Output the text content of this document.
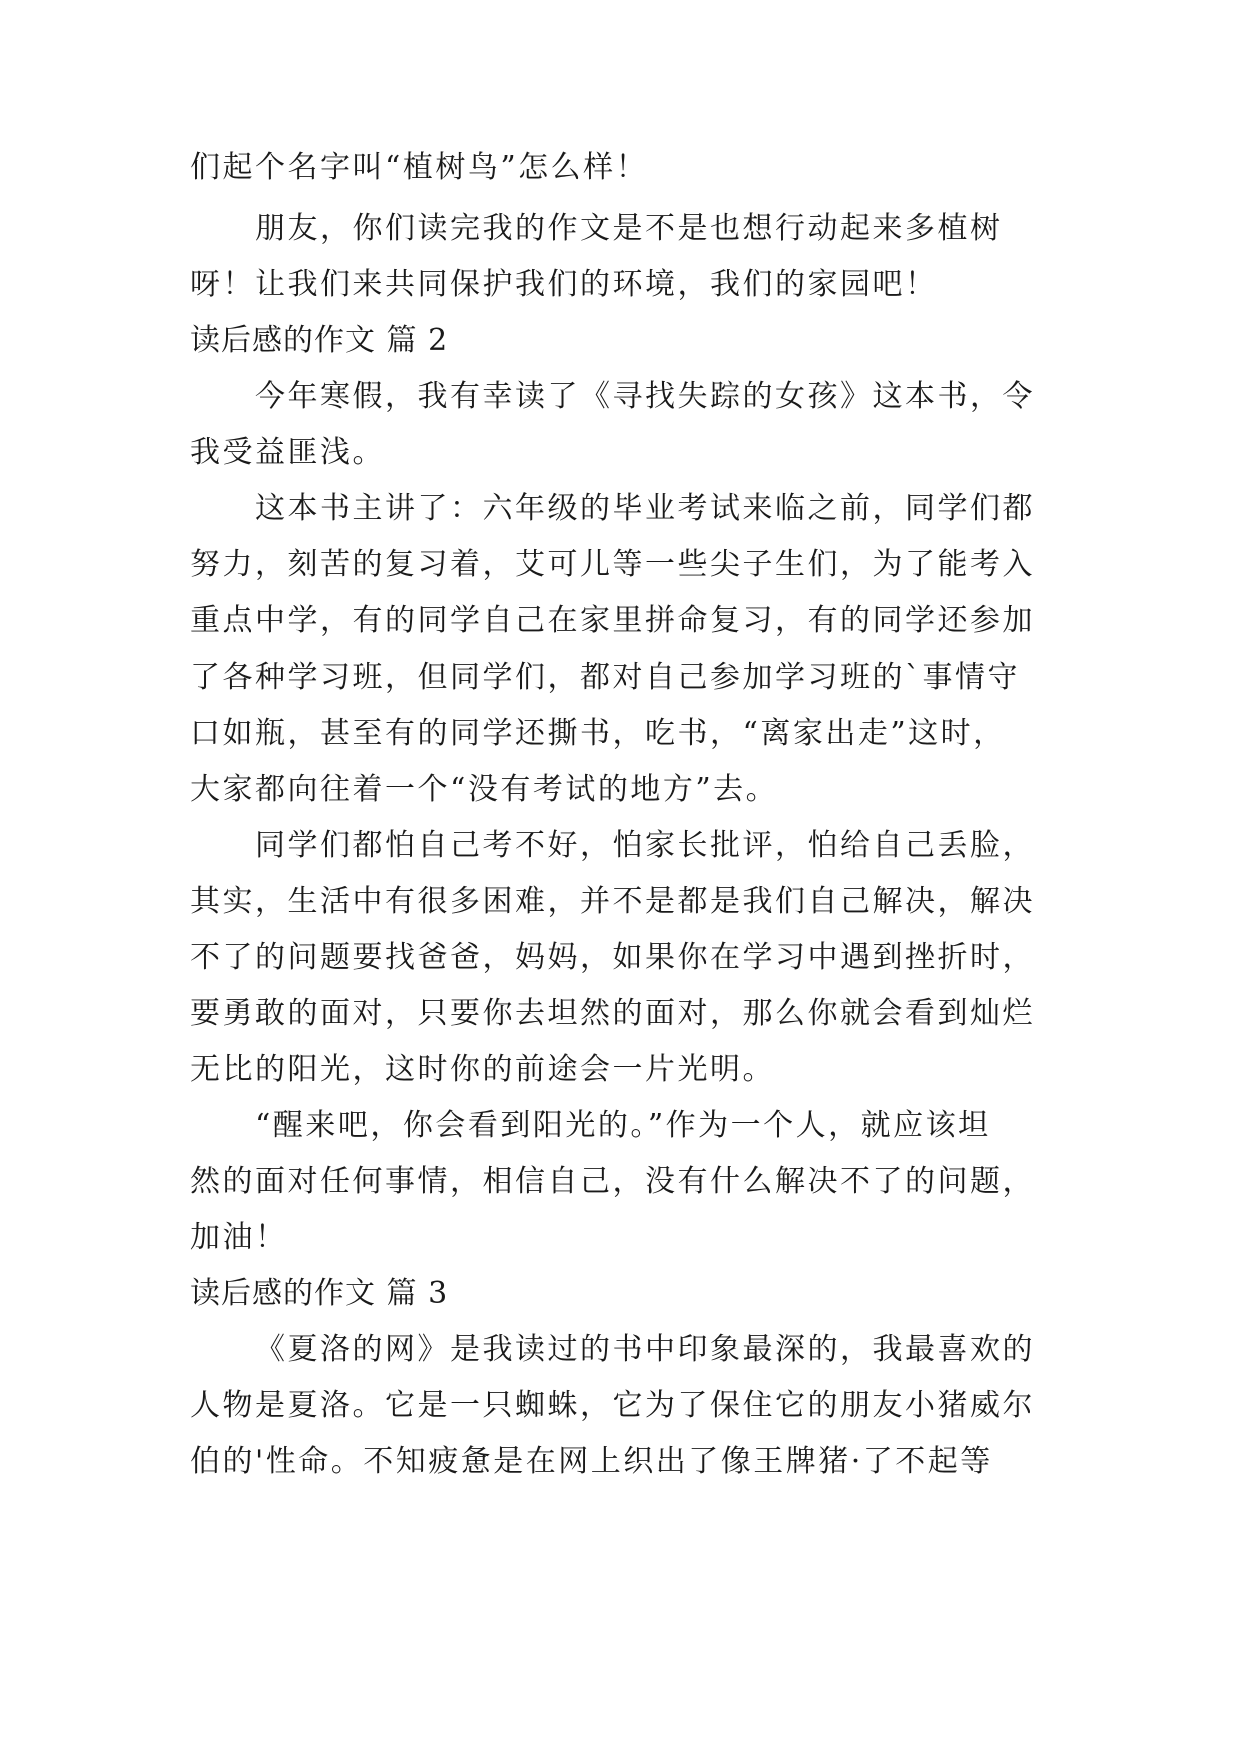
们起个名字叫“植树鸟”怎么样！
朋友，你们读完我的作文是不是也想行动起来多植树
呀！让我们来共同保护我们的环境，我们的家园吧！
读后感的作文 篇 2
今年寒假，我有幸读了《寻找失踪的女孩》这本书，令
我受益匪浅。
这本书主讲了：六年级的毕业考试来临之前，同学们都
努力，刻苦的复习着，艾可儿等一些尖子生们，为了能考入
重点中学，有的同学自己在家里拼命复习，有的同学还参加
了各种学习班，但同学们，都对自己参加学习班的`事情守
口如瓶，甚至有的同学还撕书，吃书，“离家出走”这时，
大家都向往着一个“没有考试的地方”去。
同学们都怕自己考不好，怕家长批评，怕给自己丢脸，
其实，生活中有很多困难，并不是都是我们自己解决，解决
不了的问题要找爸爸，妈妈，如果你在学习中遇到挫折时，
要勇敢的面对，只要你去坦然的面对，那么你就会看到灿烂
无比的阳光，这时你的前途会一片光明。
“醒来吧，你会看到阳光的。”作为一个人，就应该坦
然的面对任何事情，相信自己，没有什么解决不了的问题，
加油！
读后感的作文 篇 3
《夏洛的网》是我读过的书中印象最深的，我最喜欢的
人物是夏洛。它是一只蜘蛛，它为了保住它的朋友小猪威尔
伯的'性命。不知疲惫是在网上织出了像王牌猪·了不起等
